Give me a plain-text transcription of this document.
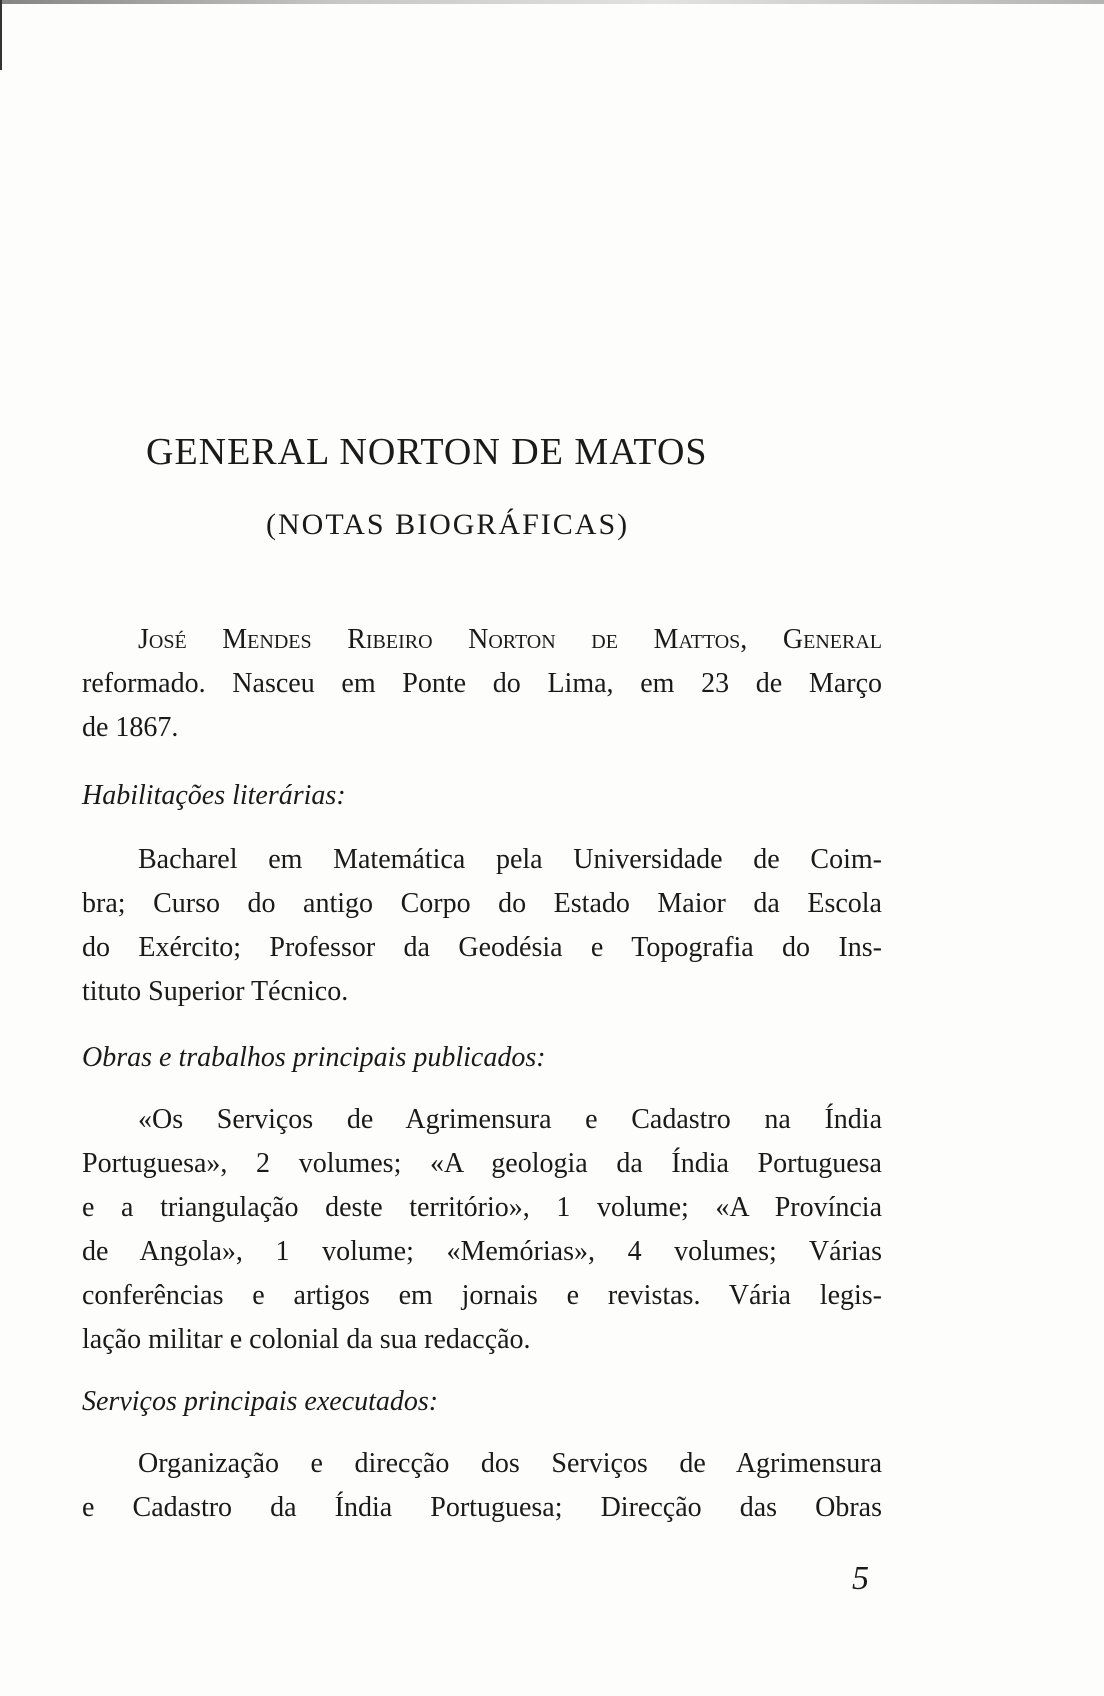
GENERAL NORTON DE MATOS
(NOTAS BIOGRÁFICAS)
José Mendes Ribeiro Norton de Mattos, General
reformado. Nasceu em Ponte do Lima, em 23 de Março
de 1867.
Habilitações literárias:
Bacharel em Matemática pela Universidade de Coim-
bra; Curso do antigo Corpo do Estado Maior da Escola
do Exército; Professor da Geodésia e Topografia do Ins-
tituto Superior Técnico.
Obras e trabalhos principais publicados:
«Os Serviços de Agrimensura e Cadastro na Índia
Portuguesa», 2 volumes; «A geologia da Índia Portuguesa
e a triangulação deste território», 1 volume; «A Província
de Angola», 1 volume; «Memórias», 4 volumes; Várias
conferências e artigos em jornais e revistas. Vária legis-
lação militar e colonial da sua redacção.
Serviços principais executados:
Organização e direcção dos Serviços de Agrimensura
e Cadastro da Índia Portuguesa; Direcção das Obras
5
